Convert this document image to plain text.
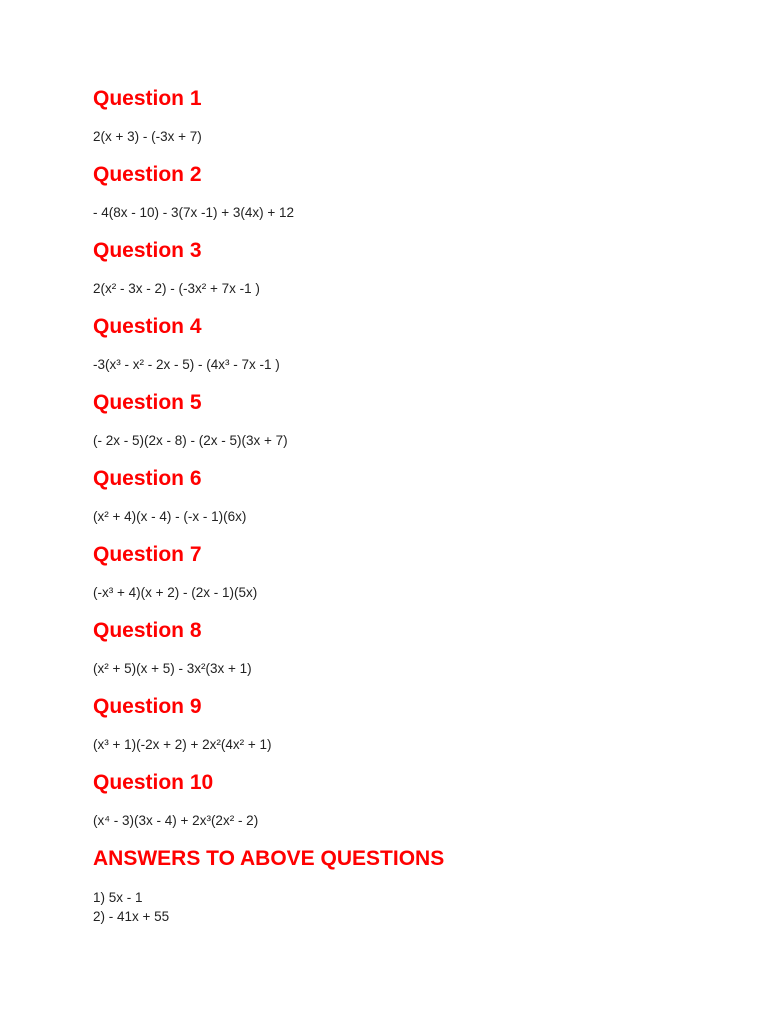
Question 1

2(x + 3) - (-3x + 7)

Question 2

- 4(8x - 10) - 3(7x -1) + 3(4x) + 12

Question 3

2(x² - 3x - 2) - (-3x² + 7x -1 )

Question 4

-3(x³ - x² - 2x - 5) - (4x³ - 7x -1 )

Question 5

(- 2x - 5)(2x - 8) - (2x - 5)(3x + 7)

Question 6

(x² + 4)(x - 4) - (-x - 1)(6x)

Question 7

(-x³ + 4)(x + 2) - (2x - 1)(5x)

Question 8

(x² + 5)(x + 5) - 3x²(3x + 1)

Question 9

(x³ + 1)(-2x + 2) + 2x²(4x² + 1)

Question 10

(x⁴ - 3)(3x - 4) + 2x³(2x² - 2)

ANSWERS TO ABOVE QUESTIONS
1) 5x - 1
2) - 41x + 55
